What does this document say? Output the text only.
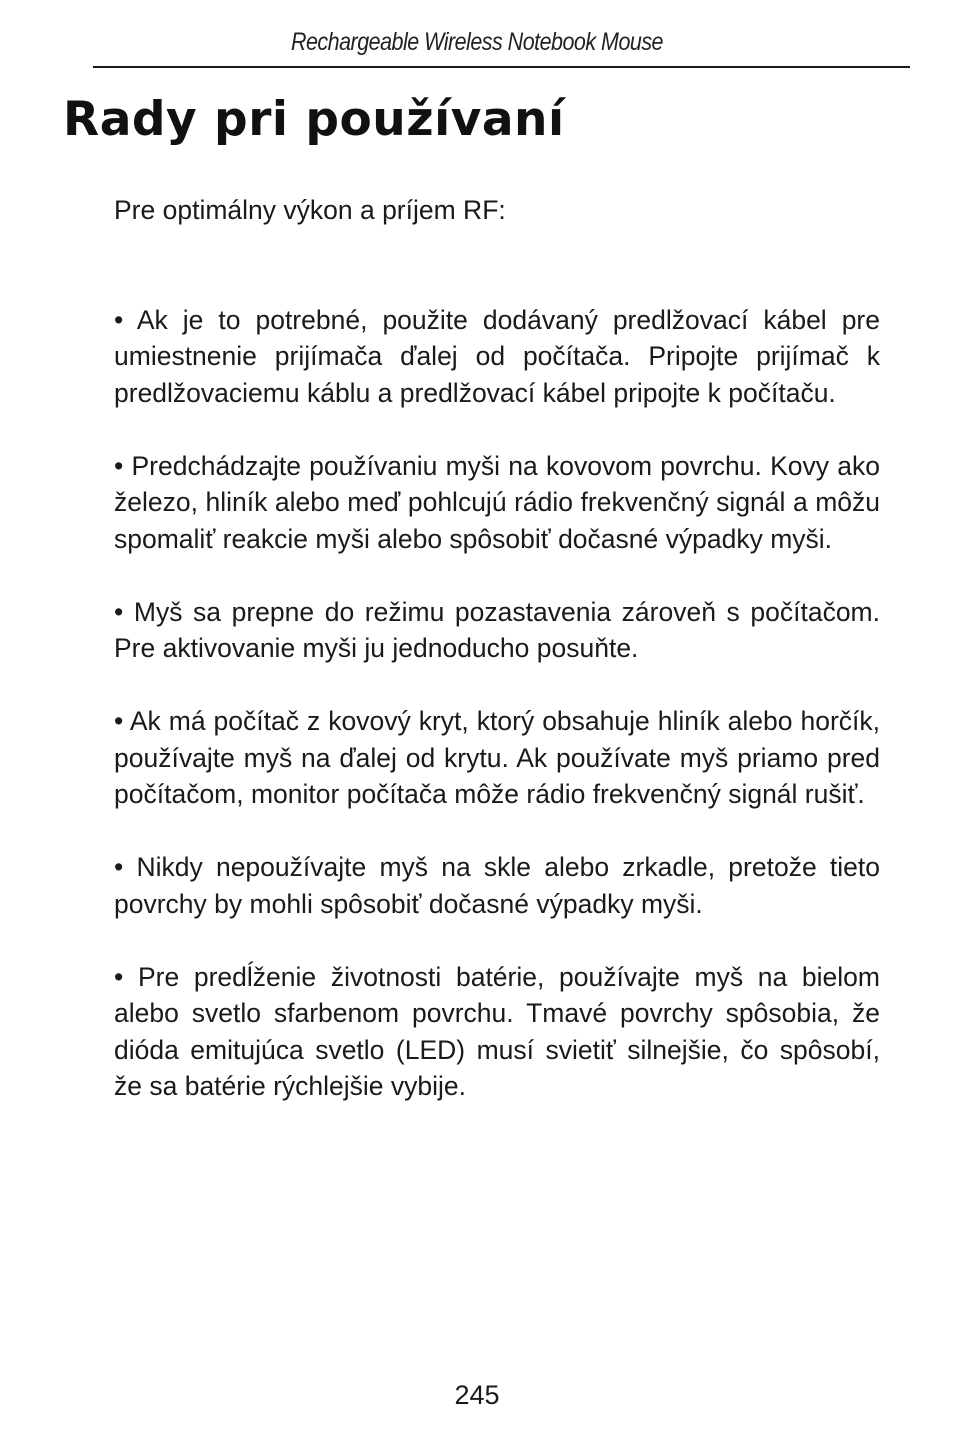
Rechargeable Wireless Notebook Mouse
Rady pri používaní

Pre optimálny výkon a príjem RF:

• Ak je to potrebné, použite dodávaný predlžovací kábel pre umiestnenie prijímača ďalej od počítača. Pripojte prijímač k predlžovaciemu káblu a predlžovací kábel pripojte k počítaču.

• Predchádzajte používaniu myši na kovovom povrchu. Kovy ako železo, hliník alebo meď pohlcujú rádio frekvenčný signál a môžu spomaliť reakcie myši alebo spôsobiť dočasné výpadky myši.

• Myš sa prepne do režimu pozastavenia zároveň s počítačom. Pre aktivovanie myši ju jednoducho posuňte.

• Ak má počítač z kovový kryt, ktorý obsahuje hliník alebo horčík, používajte myš na ďalej od krytu. Ak používate myš priamo pred počítačom, monitor počítača môže rádio frekvenčný signál rušiť.

• Nikdy nepoužívajte myš na skle alebo zrkadle, pretože tieto povrchy by mohli spôsobiť dočasné výpadky myši.

• Pre predĺženie životnosti batérie, používajte myš na bielom alebo svetlo sfarbenom povrchu. Tmavé povrchy spôsobia, že dióda emitujúca svetlo (LED) musí svietiť silnejšie, čo spôsobí, že sa batérie rýchlejšie vybije.

245
